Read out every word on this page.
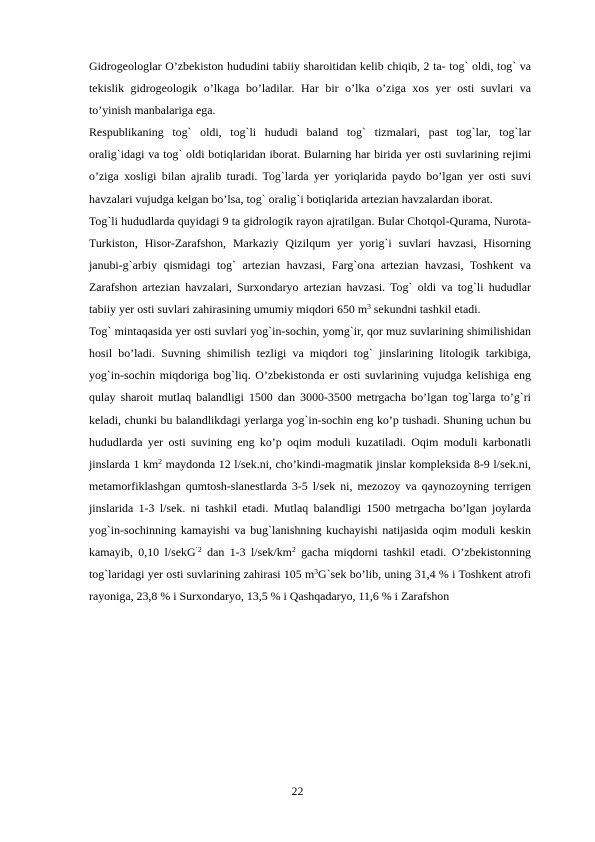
Gidrogeologlar O’zbekiston hududini tabiiy sharoitidan kelib chiqib, 2 ta- tog` oldi, tog` va tekislik gidrogeologik o’lkaga bo’ladilar. Har bir o’lka o’ziga xos yer osti suvlari va to’yinish manbalariga ega.

Respublikaning tog` oldi, tog`li hududi baland tog` tizmalari, past tog`lar, tog`lar oralig`idagi va tog` oldi botiqlaridan iborat. Bularning har birida yer osti suvlarining rejimi o’ziga xosligi bilan ajralib turadi. Tog`larda yer yoriqlarida paydo bo’lgan yer osti suvi havzalari vujudga kelgan bo’lsa, tog` oralig`i botiqlarida artezian havzalardan iborat.

Tog`li hududlarda quyidagi 9 ta gidrologik rayon ajratilgan. Bular Chotqol-Qurama, Nurota-Turkiston, Hisor-Zarafshon, Markaziy Qizilqum yer yorig`i suvlari havzasi, Hisorning janubi-g`arbiy qismidagi tog` artezian havzasi, Farg`ona artezian havzasi, Toshkent va Zarafshon artezian havzalari, Surxondaryo artezian havzasi. Tog` oldi va tog`li hududlar tabiiy yer osti suvlari zahirasining umumiy miqdori 650 $m^3$ sekundni tashkil etadi.

Tog` mintaqasida yer osti suvlari yog`in-sochin, yomg`ir, qor muz suvlarining shimilishidan hosil bo’ladi. Suvning shimilish tezligi va miqdori tog` jinslarining litologik tarkibiga, yog`in-sochin miqdoriga bog`liq. O’zbekistonda er osti suvlarining vujudga kelishiga eng qulay sharoit mutlaq balandligi 1500 dan 3000-3500 metrgacha bo’lgan tog`larga to’g`ri keladi, chunki bu balandlikdagi yerlarga yog`in-sochin eng ko’p tushadi. Shuning uchun bu hududlarda yer osti suvining eng ko’p oqim moduli kuzatiladi. Oqim moduli karbonatli jinslarda 1 $km^2$ maydonda 12 l/sek.ni, cho’kindi-magmatik jinslar kompleksida 8-9 l/sek.ni, metamorfiklashgan qumtosh-slanestlarda 3-5 l/sek ni, mezozoy va qaynozoyning terrigen jinslarida 1-3 l/sek. ni tashkil etadi. Mutlaq balandligi 1500 metrgacha bo’lgan joylarda yog`in-sochinning kamayishi va bug`lanishning kuchayishi natijasida oqim moduli keskin kamayib, 0,10 l/sekG$^{`2}$ dan 1-3 $l/sek/km^2$ gacha miqdorni tashkil etadi. O’zbekistonning tog`laridagi yer osti suvlarining zahirasi 105 $m^3G`sek$ bo’lib, uning 31,4 % i Toshkent atrofi rayoniga, 23,8 % i Surxondaryo, 13,5 % i Qashqadaryo, 11,6 % i Zarafshon

22
